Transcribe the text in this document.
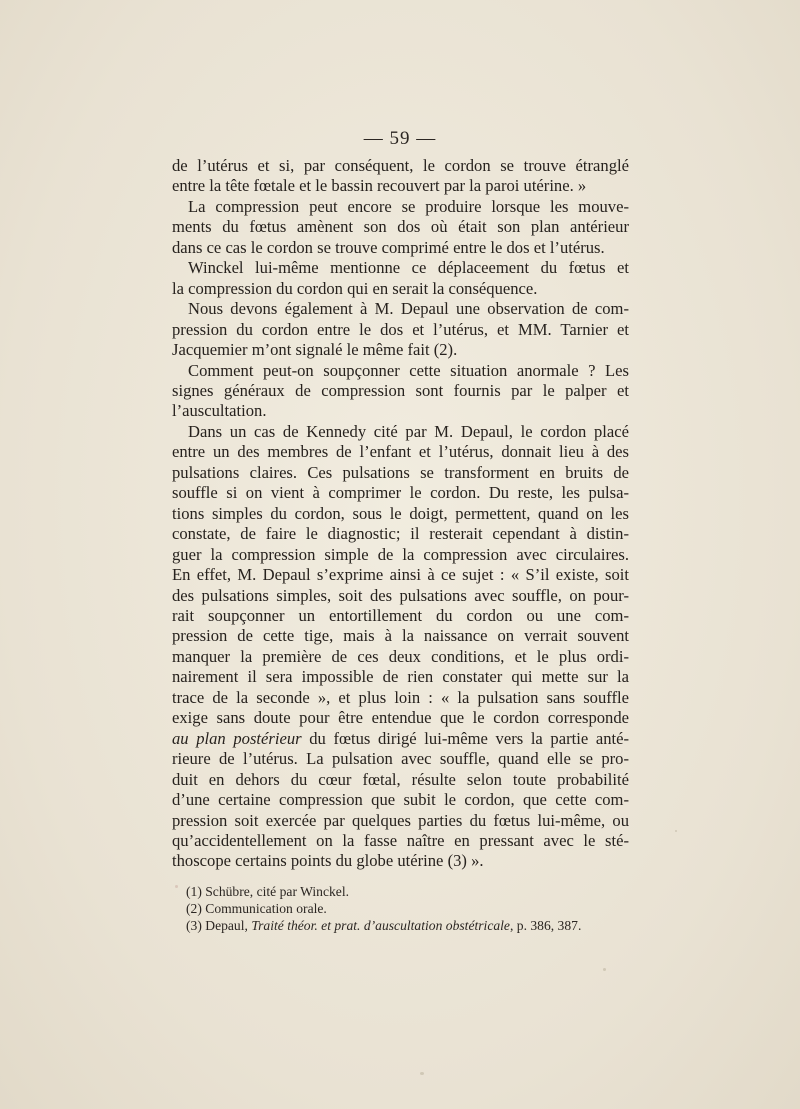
— 59 —
de l’utérus et si, par conséquent, le cordon se trouve étranglé
entre la tête fœtale et le bassin recouvert par la paroi utérine. »
La compression peut encore se produire lorsque les mouve-
ments du fœtus amènent son dos où était son plan antérieur
dans ce cas le cordon se trouve comprimé entre le dos et l’utérus.
Winckel lui-même mentionne ce déplaceement du fœtus et
la compression du cordon qui en serait la conséquence.
Nous devons également à M. Depaul une observation de com-
pression du cordon entre le dos et l’utérus, et MM. Tarnier et
Jacquemier m’ont signalé le même fait (2).
Comment peut-on soupçonner cette situation anormale ? Les
signes généraux de compression sont fournis par le palper et
l’auscultation.
Dans un cas de Kennedy cité par M. Depaul, le cordon placé
entre un des membres de l’enfant et l’utérus, donnait lieu à des
pulsations claires. Ces pulsations se transforment en bruits de
souffle si on vient à comprimer le cordon. Du reste, les pulsa-
tions simples du cordon, sous le doigt, permettent, quand on les
constate, de faire le diagnostic; il resterait cependant à distin-
guer la compression simple de la compression avec circulaires.
En effet, M. Depaul s’exprime ainsi à ce sujet : « S’il existe, soit
des pulsations simples, soit des pulsations avec souffle, on pour-
rait soupçonner un entortillement du cordon ou une com-
pression de cette tige, mais à la naissance on verrait souvent
manquer la première de ces deux conditions, et le plus ordi-
nairement il sera impossible de rien constater qui mette sur la
trace de la seconde », et plus loin : « la pulsation sans souffle
exige sans doute pour être entendue que le cordon corresponde
au plan postérieur du fœtus dirigé lui-même vers la partie anté-
rieure de l’utérus. La pulsation avec souffle, quand elle se pro-
duit en dehors du cœur fœtal, résulte selon toute probabilité
d’une certaine compression que subit le cordon, que cette com-
pression soit exercée par quelques parties du fœtus lui-même, ou
qu’accidentellement on la fasse naître en pressant avec le sté-
thoscope certains points du globe utérine (3) ».
(1) Schübre, cité par Winckel.
(2) Communication orale.
(3) Depaul, Traité théor. et prat. d’auscultation obstétricale, p. 386, 387.
